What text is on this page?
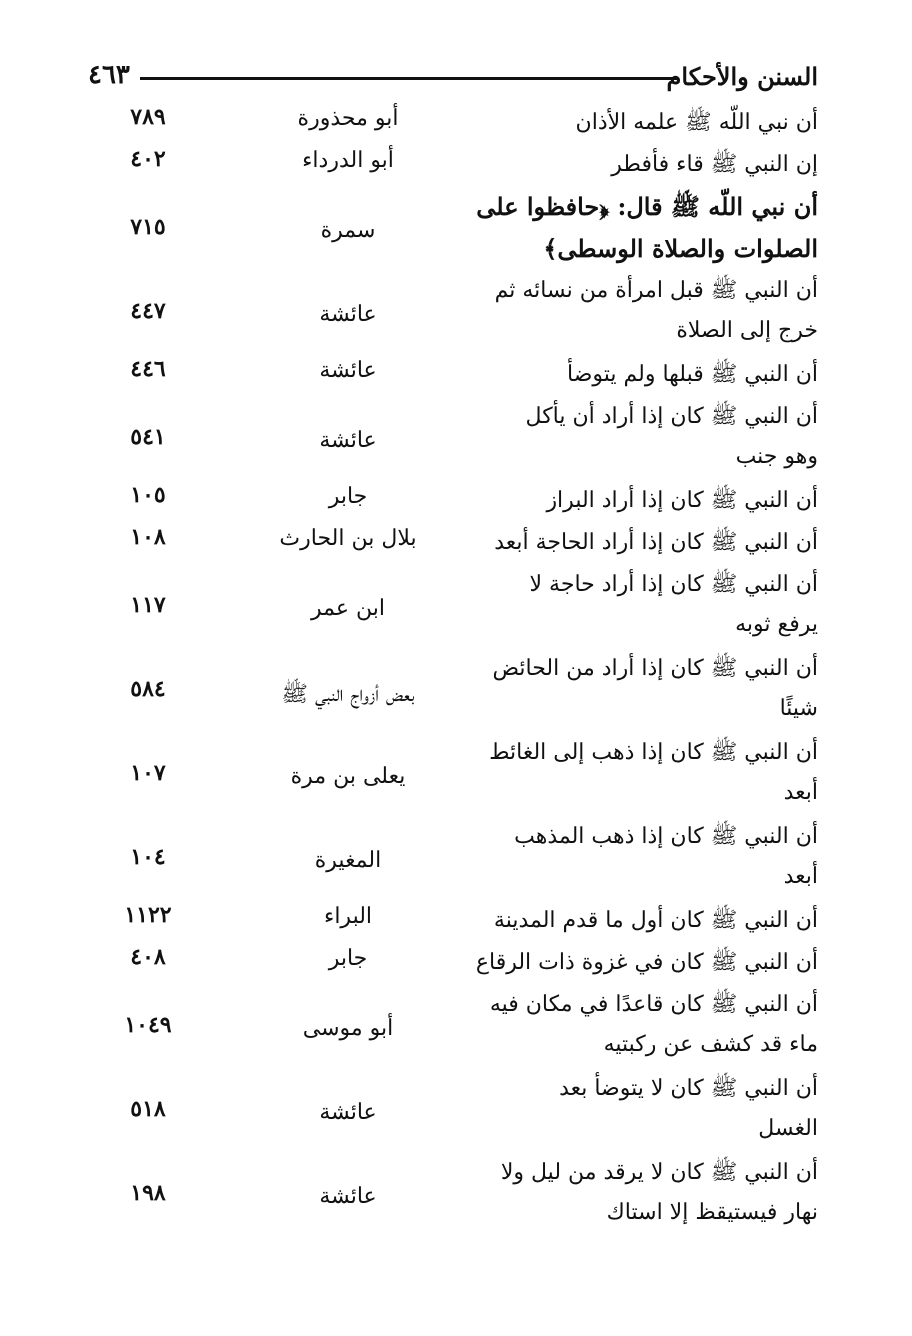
٤٦٣	السنن والأحكام
أن نبي اللّه ﷺ علمه الأذان
أبو محذورة
٧٨٩
إن النبي ﷺ قاء فأفطر
أبو الدرداء
٤٠٢
أن نبي اللّه ﷺ قال: ﴿حافظوا على
الصلوات والصلاة الوسطى﴾
سمرة
٧١٥
أن النبي ﷺ قبل امرأة من نسائه ثم
خرج إلى الصلاة
عائشة
٤٤٧
أن النبي ﷺ قبلها ولم يتوضأ
عائشة
٤٤٦
أن النبي ﷺ كان إذا أراد أن يأكل
وهو جنب
عائشة
٥٤١
أن النبي ﷺ كان إذا أراد البراز
جابر
١٠٥
أن النبي ﷺ كان إذا أراد الحاجة أبعد
بلال بن الحارث
١٠٨
أن النبي ﷺ كان إذا أراد حاجة لا
يرفع ثوبه
ابن عمر
١١٧
أن النبي ﷺ كان إذا أراد من الحائض
شيئًا
بعض أزواج النبي ﷺ
٥٨٤
أن النبي ﷺ كان إذا ذهب إلى الغائط
أبعد
يعلى بن مرة
١٠٧
أن النبي ﷺ كان إذا ذهب المذهب
أبعد
المغيرة
١٠٤
أن النبي ﷺ كان أول ما قدم المدينة
البراء
١١٢٢
أن النبي ﷺ كان في غزوة ذات الرقاع
جابر
٤٠٨
أن النبي ﷺ كان قاعدًا في مكان فيه
ماء قد كشف عن ركبتيه
أبو موسى
١٠٤٩
أن النبي ﷺ كان لا يتوضأ بعد
الغسل
عائشة
٥١٨
أن النبي ﷺ كان لا يرقد من ليل ولا
نهار فيستيقظ إلا استاك
عائشة
١٩٨
